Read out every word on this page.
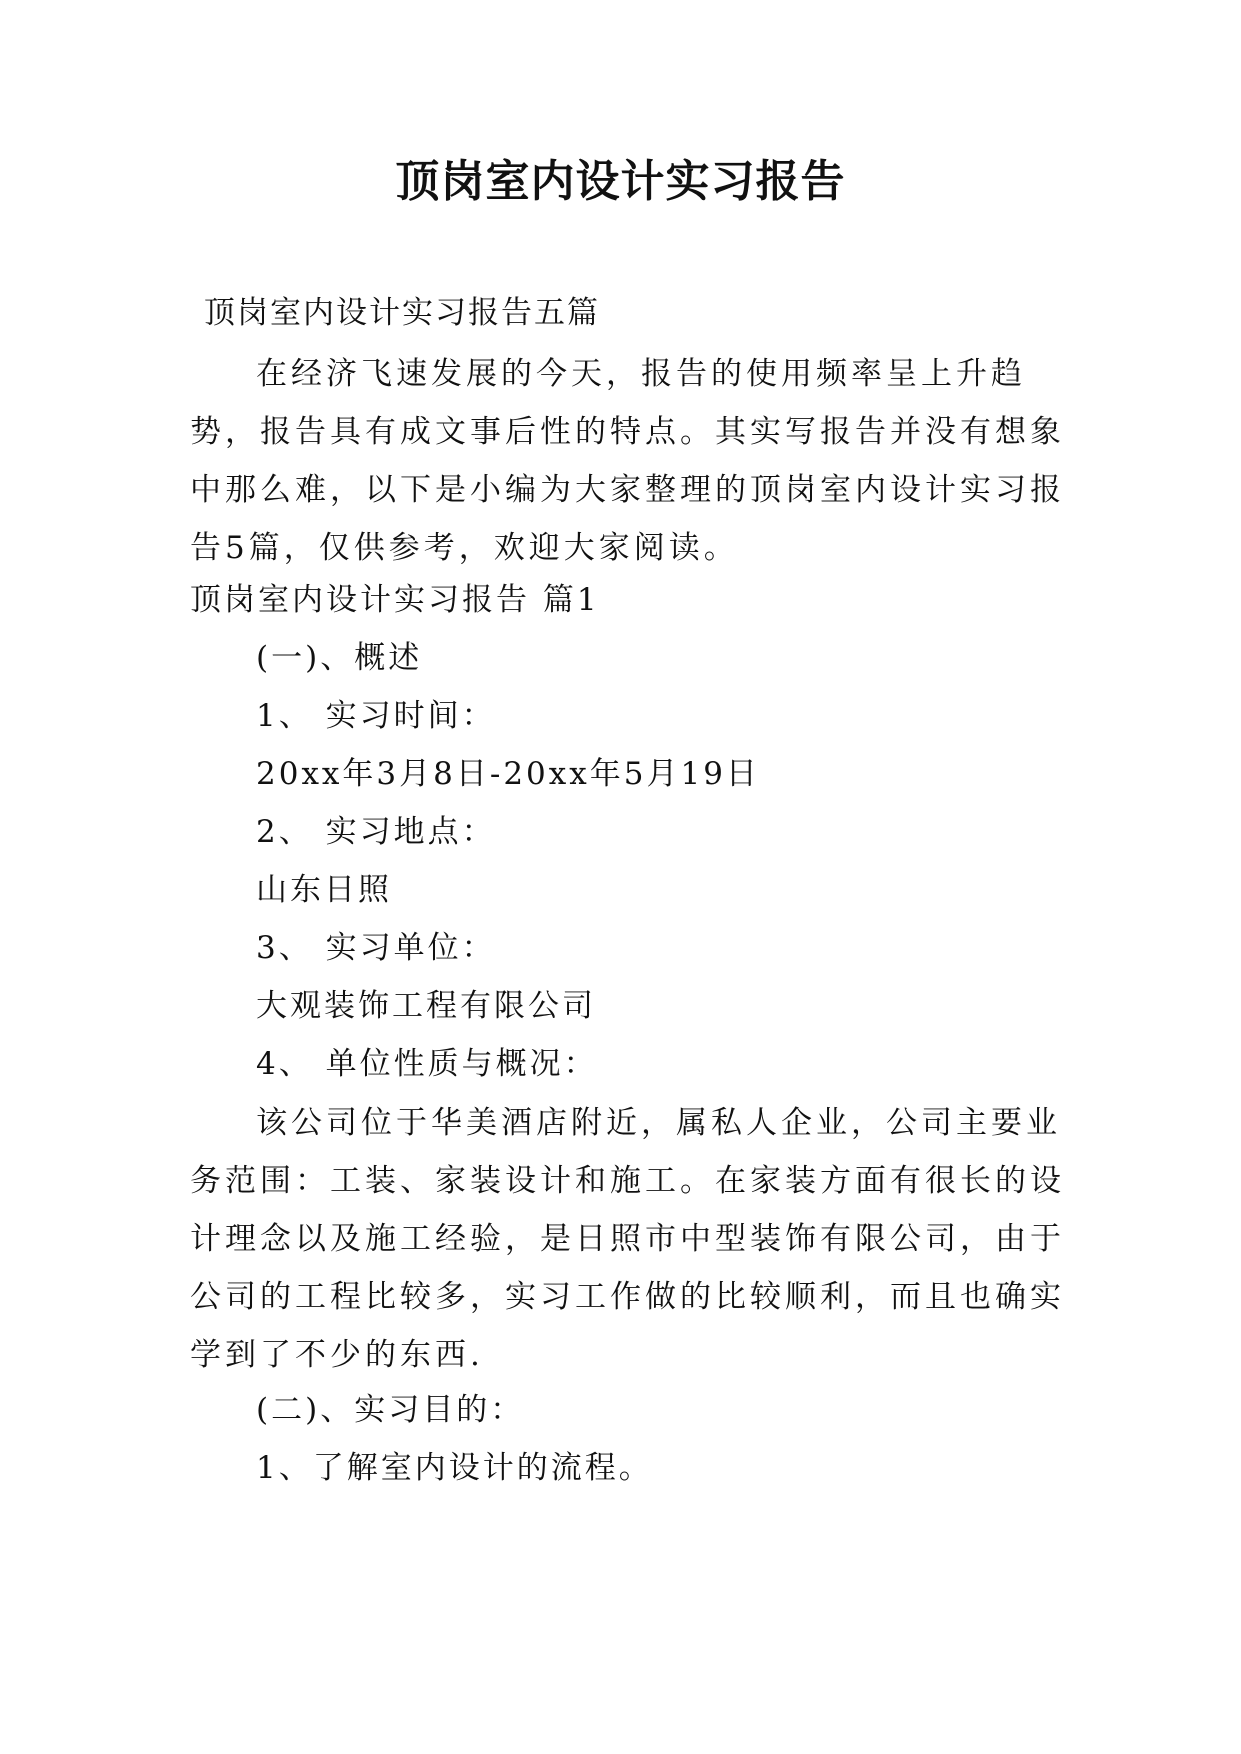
顶岗室内设计实习报告
顶岗室内设计实习报告五篇

在经济飞速发展的今天，报告的使用频率呈上升趋势，报告具有成文事后性的特点。其实写报告并没有想象中那么难，以下是小编为大家整理的顶岗室内设计实习报告5篇，仅供参考，欢迎大家阅读。

顶岗室内设计实习报告 篇1
(一)、概述
1、 实习时间：
20xx年3月8日-20xx年5月19日
2、 实习地点：
山东日照
3、 实习单位：
大观装饰工程有限公司
4、 单位性质与概况：

该公司位于华美酒店附近，属私人企业，公司主要业务范围：工装、家装设计和施工。在家装方面有很长的设计理念以及施工经验，是日照市中型装饰有限公司，由于公司的工程比较多，实习工作做的比较顺利，而且也确实学到了不少的东西.

(二)、实习目的：
1、了解室内设计的流程。
